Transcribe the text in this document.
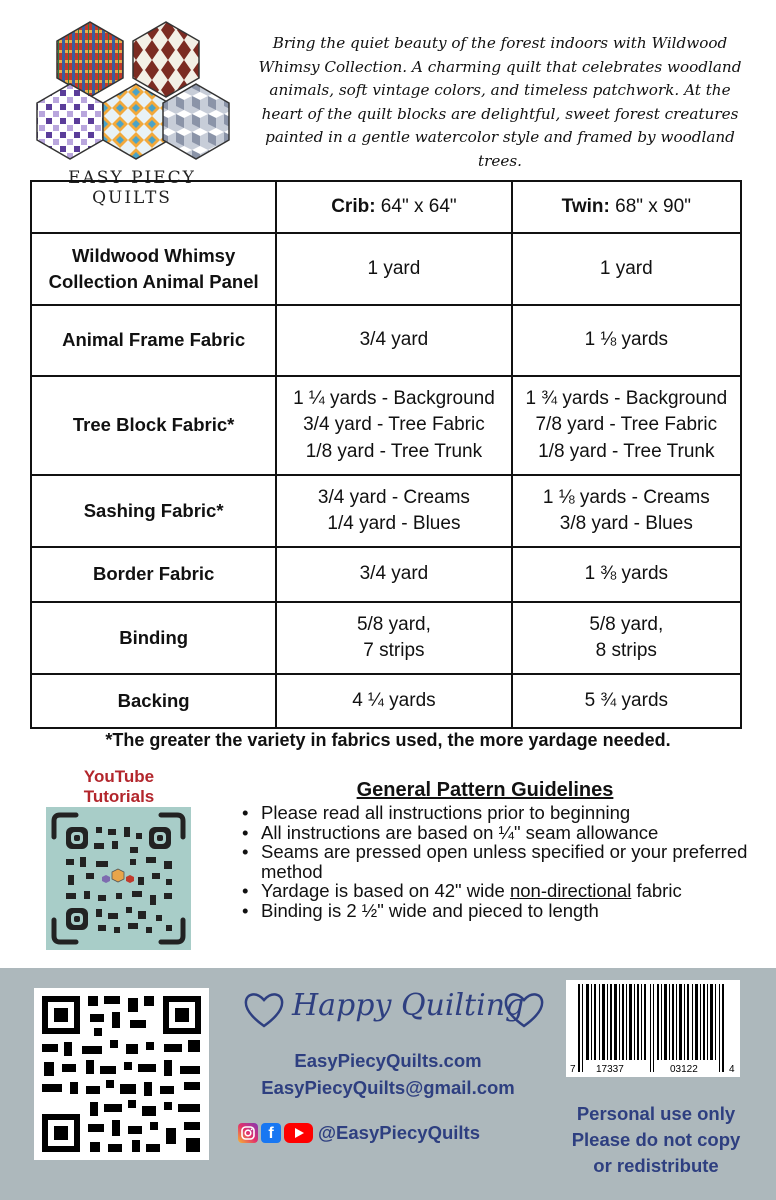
EASY PIECY QUILTS

Bring the quiet beauty of the forest indoors with Wildwood Whimsy Collection. A charming quilt that celebrates woodland animals, soft vintage colors, and timeless patchwork. At the heart of the quilt blocks are delightful, sweet forest creatures painted in a gentle watercolor style and framed by woodland trees.

	Crib: 64" x 64"	Twin: 68" x 90"

Wildwood Whimsy
Collection Animal Panel	1 yard	1 yard

Animal Frame Fabric	3/4 yard	1 ⅛ yards

Tree Block Fabric*	1 ¼ yards - Background
3/4 yard - Tree Fabric
1/8 yard - Tree Trunk	1 ¾ yards - Background
7/8 yard - Tree Fabric
1/8 yard - Tree Trunk

Sashing Fabric*	3/4 yard - Creams
1/4 yard - Blues	1 ⅛ yards - Creams
3/8 yard - Blues

Border Fabric	3/4 yard	1 ⅜ yards

Binding	5/8 yard,
7 strips	5/8 yard,
8 strips

Backing	4 ¼ yards	5 ¾ yards
*The greater the variety in fabrics used, the more yardage needed.
YouTube
Tutorials	General Pattern Guidelines
• Please read all instructions prior to beginning
• All instructions are based on ¼" seam allowance
• Seams are pressed open unless specified or your preferred method
• Yardage is based on 42" wide non-directional fabric
• Binding is 2 ½" wide and pieced to length
Happy Quilting
EasyPiecyQuilts.com
EasyPiecyQuilts@gmail.com
f	@EasyPiecyQuilts
7 17337	03122	4
Personal use only
Please do not copy
or redistribute
